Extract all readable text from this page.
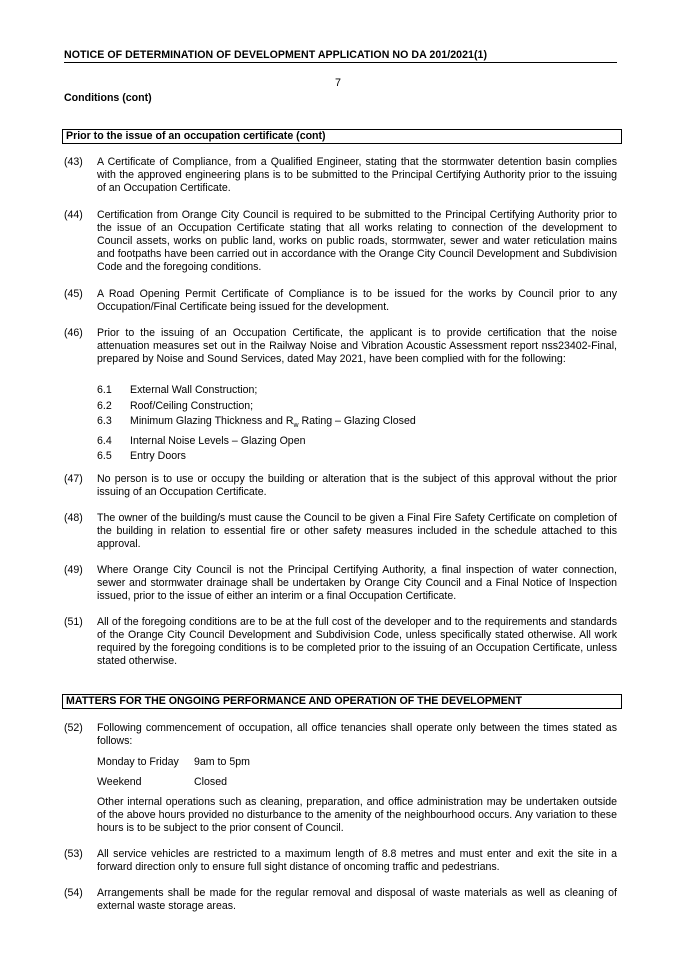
NOTICE OF DETERMINATION OF DEVELOPMENT APPLICATION NO DA 201/2021(1)
7
Conditions (cont)
Prior to the issue of an occupation certificate (cont)
(43)	A Certificate of Compliance, from a Qualified Engineer, stating that the stormwater detention basin complies with the approved engineering plans is to be submitted to the Principal Certifying Authority prior to the issuing of an Occupation Certificate.
(44)	Certification from Orange City Council is required to be submitted to the Principal Certifying Authority prior to the issue of an Occupation Certificate stating that all works relating to connection of the development to Council assets, works on public land, works on public roads, stormwater, sewer and water reticulation mains and footpaths have been carried out in accordance with the Orange City Council Development and Subdivision Code and the foregoing conditions.
(45)	A Road Opening Permit Certificate of Compliance is to be issued for the works by Council prior to any Occupation/Final Certificate being issued for the development.
(46)	Prior to the issuing of an Occupation Certificate, the applicant is to provide certification that the noise attenuation measures set out in the Railway Noise and Vibration Acoustic Assessment report nss23402-Final, prepared by Noise and Sound Services, dated May 2021, have been complied with for the following:
6.1	External Wall Construction;
6.2	Roof/Ceiling Construction;
6.3	Minimum Glazing Thickness and $R_w$ Rating – Glazing Closed
6.4	Internal Noise Levels – Glazing Open
6.5	Entry Doors
(47)	No person is to use or occupy the building or alteration that is the subject of this approval without the prior issuing of an Occupation Certificate.
(48)	The owner of the building/s must cause the Council to be given a Final Fire Safety Certificate on completion of the building in relation to essential fire or other safety measures included in the schedule attached to this approval.
(49)	Where Orange City Council is not the Principal Certifying Authority, a final inspection of water connection, sewer and stormwater drainage shall be undertaken by Orange City Council and a Final Notice of Inspection issued, prior to the issue of either an interim or a final Occupation Certificate.
(51)	All of the foregoing conditions are to be at the full cost of the developer and to the requirements and standards of the Orange City Council Development and Subdivision Code, unless specifically stated otherwise. All work required by the foregoing conditions is to be completed prior to the issuing of an Occupation Certificate, unless stated otherwise.
MATTERS FOR THE ONGOING PERFORMANCE AND OPERATION OF THE DEVELOPMENT
(52)	Following commencement of occupation, all office tenancies shall operate only between the times stated as follows:
Monday to Friday	9am to 5pm
Weekend	Closed
Other internal operations such as cleaning, preparation, and office administration may be undertaken outside of the above hours provided no disturbance to the amenity of the neighbourhood occurs. Any variation to these hours is to be subject to the prior consent of Council.
(53)	All service vehicles are restricted to a maximum length of 8.8 metres and must enter and exit the site in a forward direction only to ensure full sight distance of oncoming traffic and pedestrians.
(54)	Arrangements shall be made for the regular removal and disposal of waste materials as well as cleaning of external waste storage areas.
